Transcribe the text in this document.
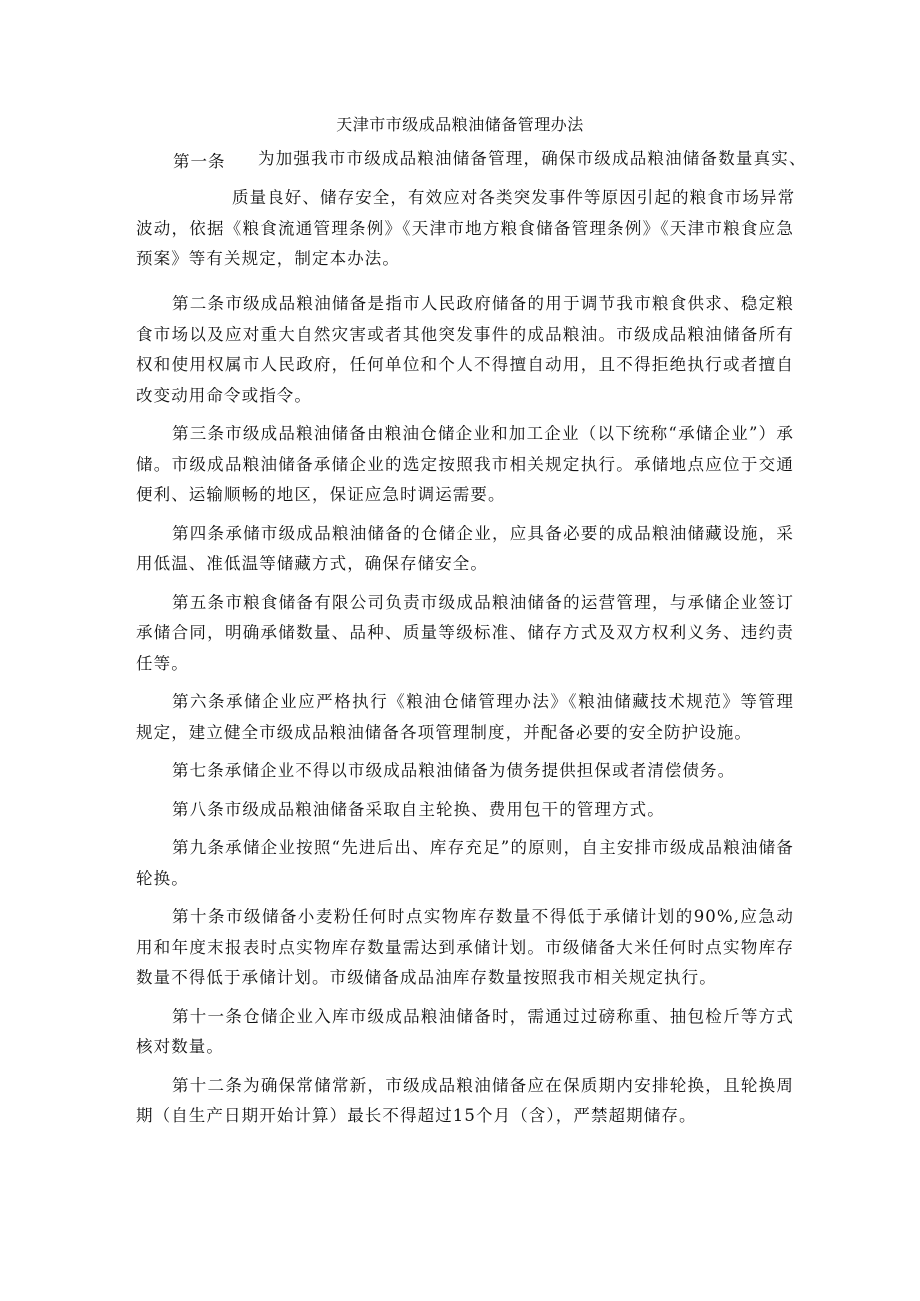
天津市市级成品粮油储备管理办法
第一条 为加强我市市级成品粮油储备管理，确保市级成品粮油储备数量真实、
质量良好、储存安全，有效应对各类突发事件等原因引起的粮食市场异常
波动，依据《粮食流通管理条例》《天津市地方粮食储备管理条例》《天津市粮食应急预案》等有关规定，制定本办法。

第二条市级成品粮油储备是指市人民政府储备的用于调节我市粮食供求、稳定粮食市场以及应对重大自然灾害或者其他突发事件的成品粮油。市级成品粮油储备所有权和使用权属市人民政府，任何单位和个人不得擅自动用，且不得拒绝执行或者擅自改变动用命令或指令。

第三条市级成品粮油储备由粮油仓储企业和加工企业（以下统称“承储企业”）承储。市级成品粮油储备承储企业的选定按照我市相关规定执行。承储地点应位于交通便利、运输顺畅的地区，保证应急时调运需要。

第四条承储市级成品粮油储备的仓储企业，应具备必要的成品粮油储藏设施，采用低温、准低温等储藏方式，确保存储安全。

第五条市粮食储备有限公司负责市级成品粮油储备的运营管理，与承储企业签订承储合同，明确承储数量、品种、质量等级标准、储存方式及双方权利义务、违约责任等。

第六条承储企业应严格执行《粮油仓储管理办法》《粮油储藏技术规范》等管理规定，建立健全市级成品粮油储备各项管理制度，并配备必要的安全防护设施。

第七条承储企业不得以市级成品粮油储备为债务提供担保或者清偿债务。

第八条市级成品粮油储备采取自主轮换、费用包干的管理方式。

第九条承储企业按照“先进后出、库存充足”的原则，自主安排市级成品粮油储备轮换。

第十条市级储备小麦粉任何时点实物库存数量不得低于承储计划的90%,应急动用和年度末报表时点实物库存数量需达到承储计划。市级储备大米任何时点实物库存数量不得低于承储计划。市级储备成品油库存数量按照我市相关规定执行。

第十一条仓储企业入库市级成品粮油储备时，需通过过磅称重、抽包检斤等方式核对数量。

第十二条为确保常储常新，市级成品粮油储备应在保质期内安排轮换，且轮换周期（自生产日期开始计算）最长不得超过15个月（含），严禁超期储存。
